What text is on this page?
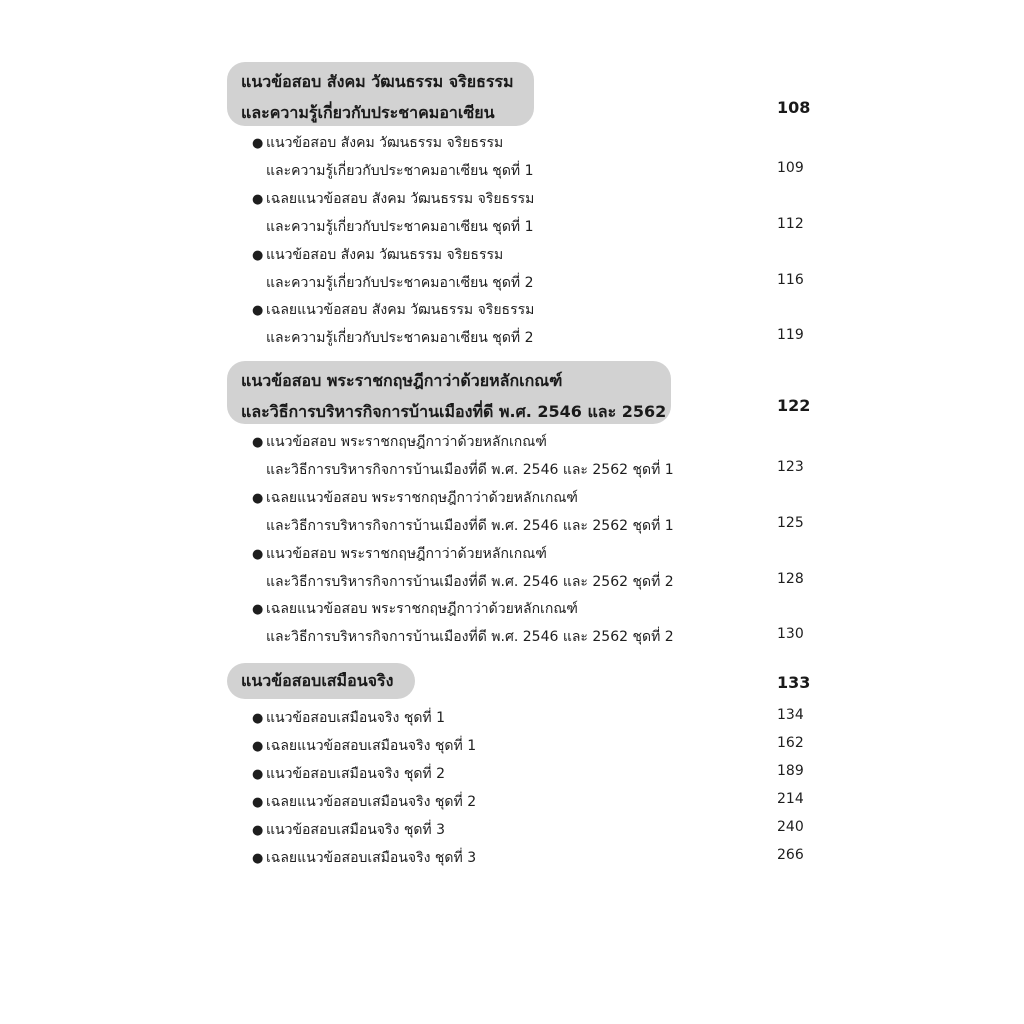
แนวข้อสอบ สังคม วัฒนธรรม จริยธรรม
และความรู้เกี่ยวกับประชาคมอาเซียน	108
● แนวข้อสอบ สังคม วัฒนธรรม จริยธรรม
และความรู้เกี่ยวกับประชาคมอาเซียน ชุดที่ 1	109
● เฉลยแนวข้อสอบ สังคม วัฒนธรรม จริยธรรม
และความรู้เกี่ยวกับประชาคมอาเซียน ชุดที่ 1	112
● แนวข้อสอบ สังคม วัฒนธรรม จริยธรรม
และความรู้เกี่ยวกับประชาคมอาเซียน ชุดที่ 2	116
● เฉลยแนวข้อสอบ สังคม วัฒนธรรม จริยธรรม
และความรู้เกี่ยวกับประชาคมอาเซียน ชุดที่ 2	119
แนวข้อสอบ พระราชกฤษฎีกาว่าด้วยหลักเกณฑ์
และวิธีการบริหารกิจการบ้านเมืองที่ดี พ.ศ. 2546 และ 2562	122
● แนวข้อสอบ พระราชกฤษฎีกาว่าด้วยหลักเกณฑ์
และวิธีการบริหารกิจการบ้านเมืองที่ดี พ.ศ. 2546 และ 2562 ชุดที่ 1	123
● เฉลยแนวข้อสอบ พระราชกฤษฎีกาว่าด้วยหลักเกณฑ์
และวิธีการบริหารกิจการบ้านเมืองที่ดี พ.ศ. 2546 และ 2562 ชุดที่ 1	125
● แนวข้อสอบ พระราชกฤษฎีกาว่าด้วยหลักเกณฑ์
และวิธีการบริหารกิจการบ้านเมืองที่ดี พ.ศ. 2546 และ 2562 ชุดที่ 2	128
● เฉลยแนวข้อสอบ พระราชกฤษฎีกาว่าด้วยหลักเกณฑ์
และวิธีการบริหารกิจการบ้านเมืองที่ดี พ.ศ. 2546 และ 2562 ชุดที่ 2	130
แนวข้อสอบเสมือนจริง	133
● แนวข้อสอบเสมือนจริง ชุดที่ 1	134
● เฉลยแนวข้อสอบเสมือนจริง ชุดที่ 1	162
● แนวข้อสอบเสมือนจริง ชุดที่ 2	189
● เฉลยแนวข้อสอบเสมือนจริง ชุดที่ 2	214
● แนวข้อสอบเสมือนจริง ชุดที่ 3	240
● เฉลยแนวข้อสอบเสมือนจริง ชุดที่ 3	266
